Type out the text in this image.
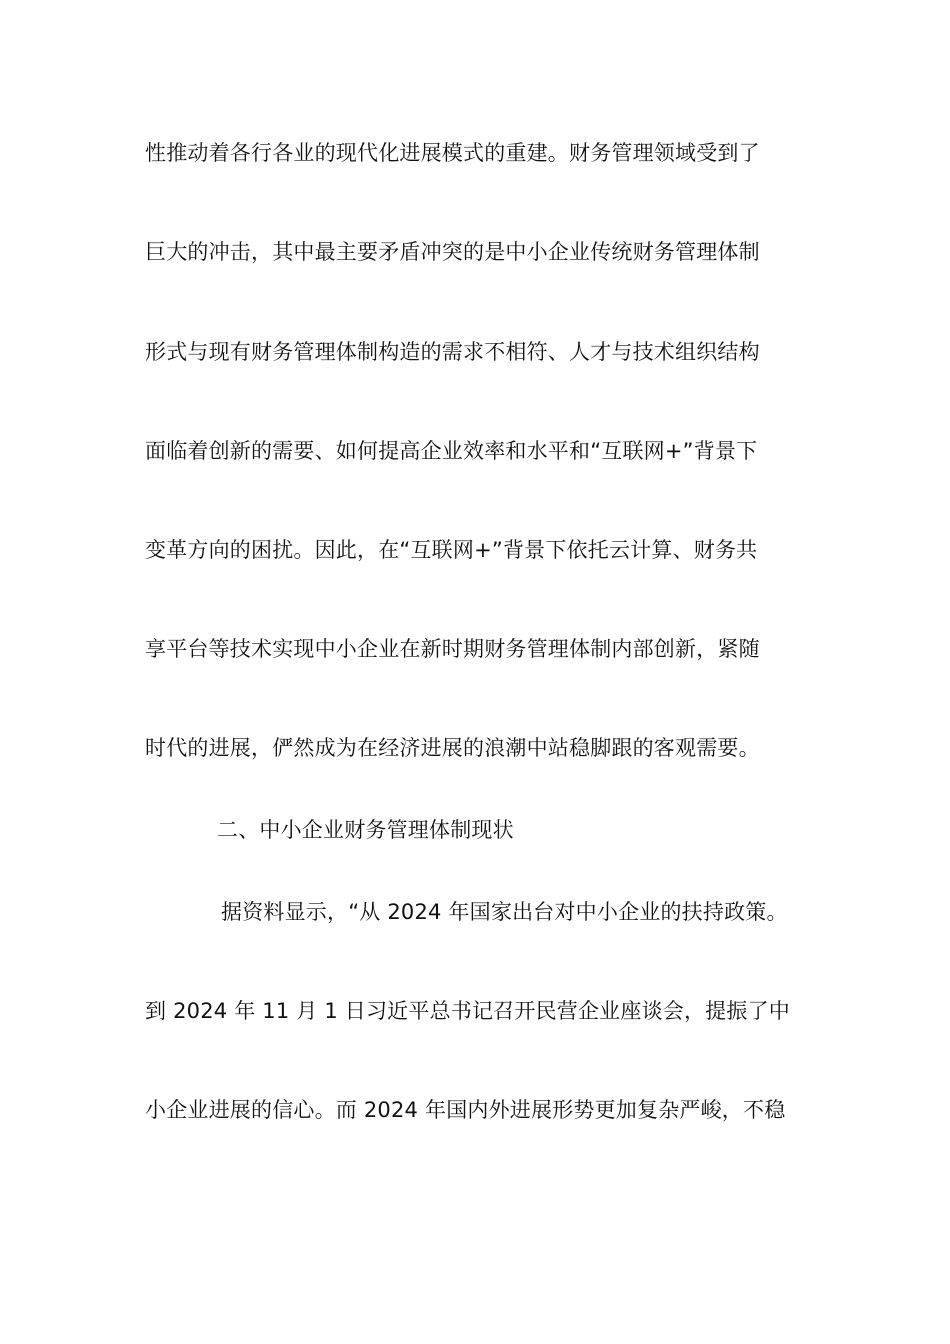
性推动着各行各业的现代化进展模式的重建。财务管理领域受到了
巨大的冲击，其中最主要矛盾冲突的是中小企业传统财务管理体制
形式与现有财务管理体制构造的需求不相符、人才与技术组织结构
面临着创新的需要、如何提高企业效率和水平和“互联网+”背景下
变革方向的困扰。因此，在“互联网+”背景下依托云计算、财务共
享平台等技术实现中小企业在新时期财务管理体制内部创新，紧随
时代的进展，俨然成为在经济进展的浪潮中站稳脚跟的客观需要。
二、中小企业财务管理体制现状
据资料显示，“从 2024 年国家出台对中小企业的扶持政策。
到 2024 年 11 月 1 日习近平总书记召开民营企业座谈会，提振了中
小企业进展的信心。而 2024 年国内外进展形势更加复杂严峻，不稳
